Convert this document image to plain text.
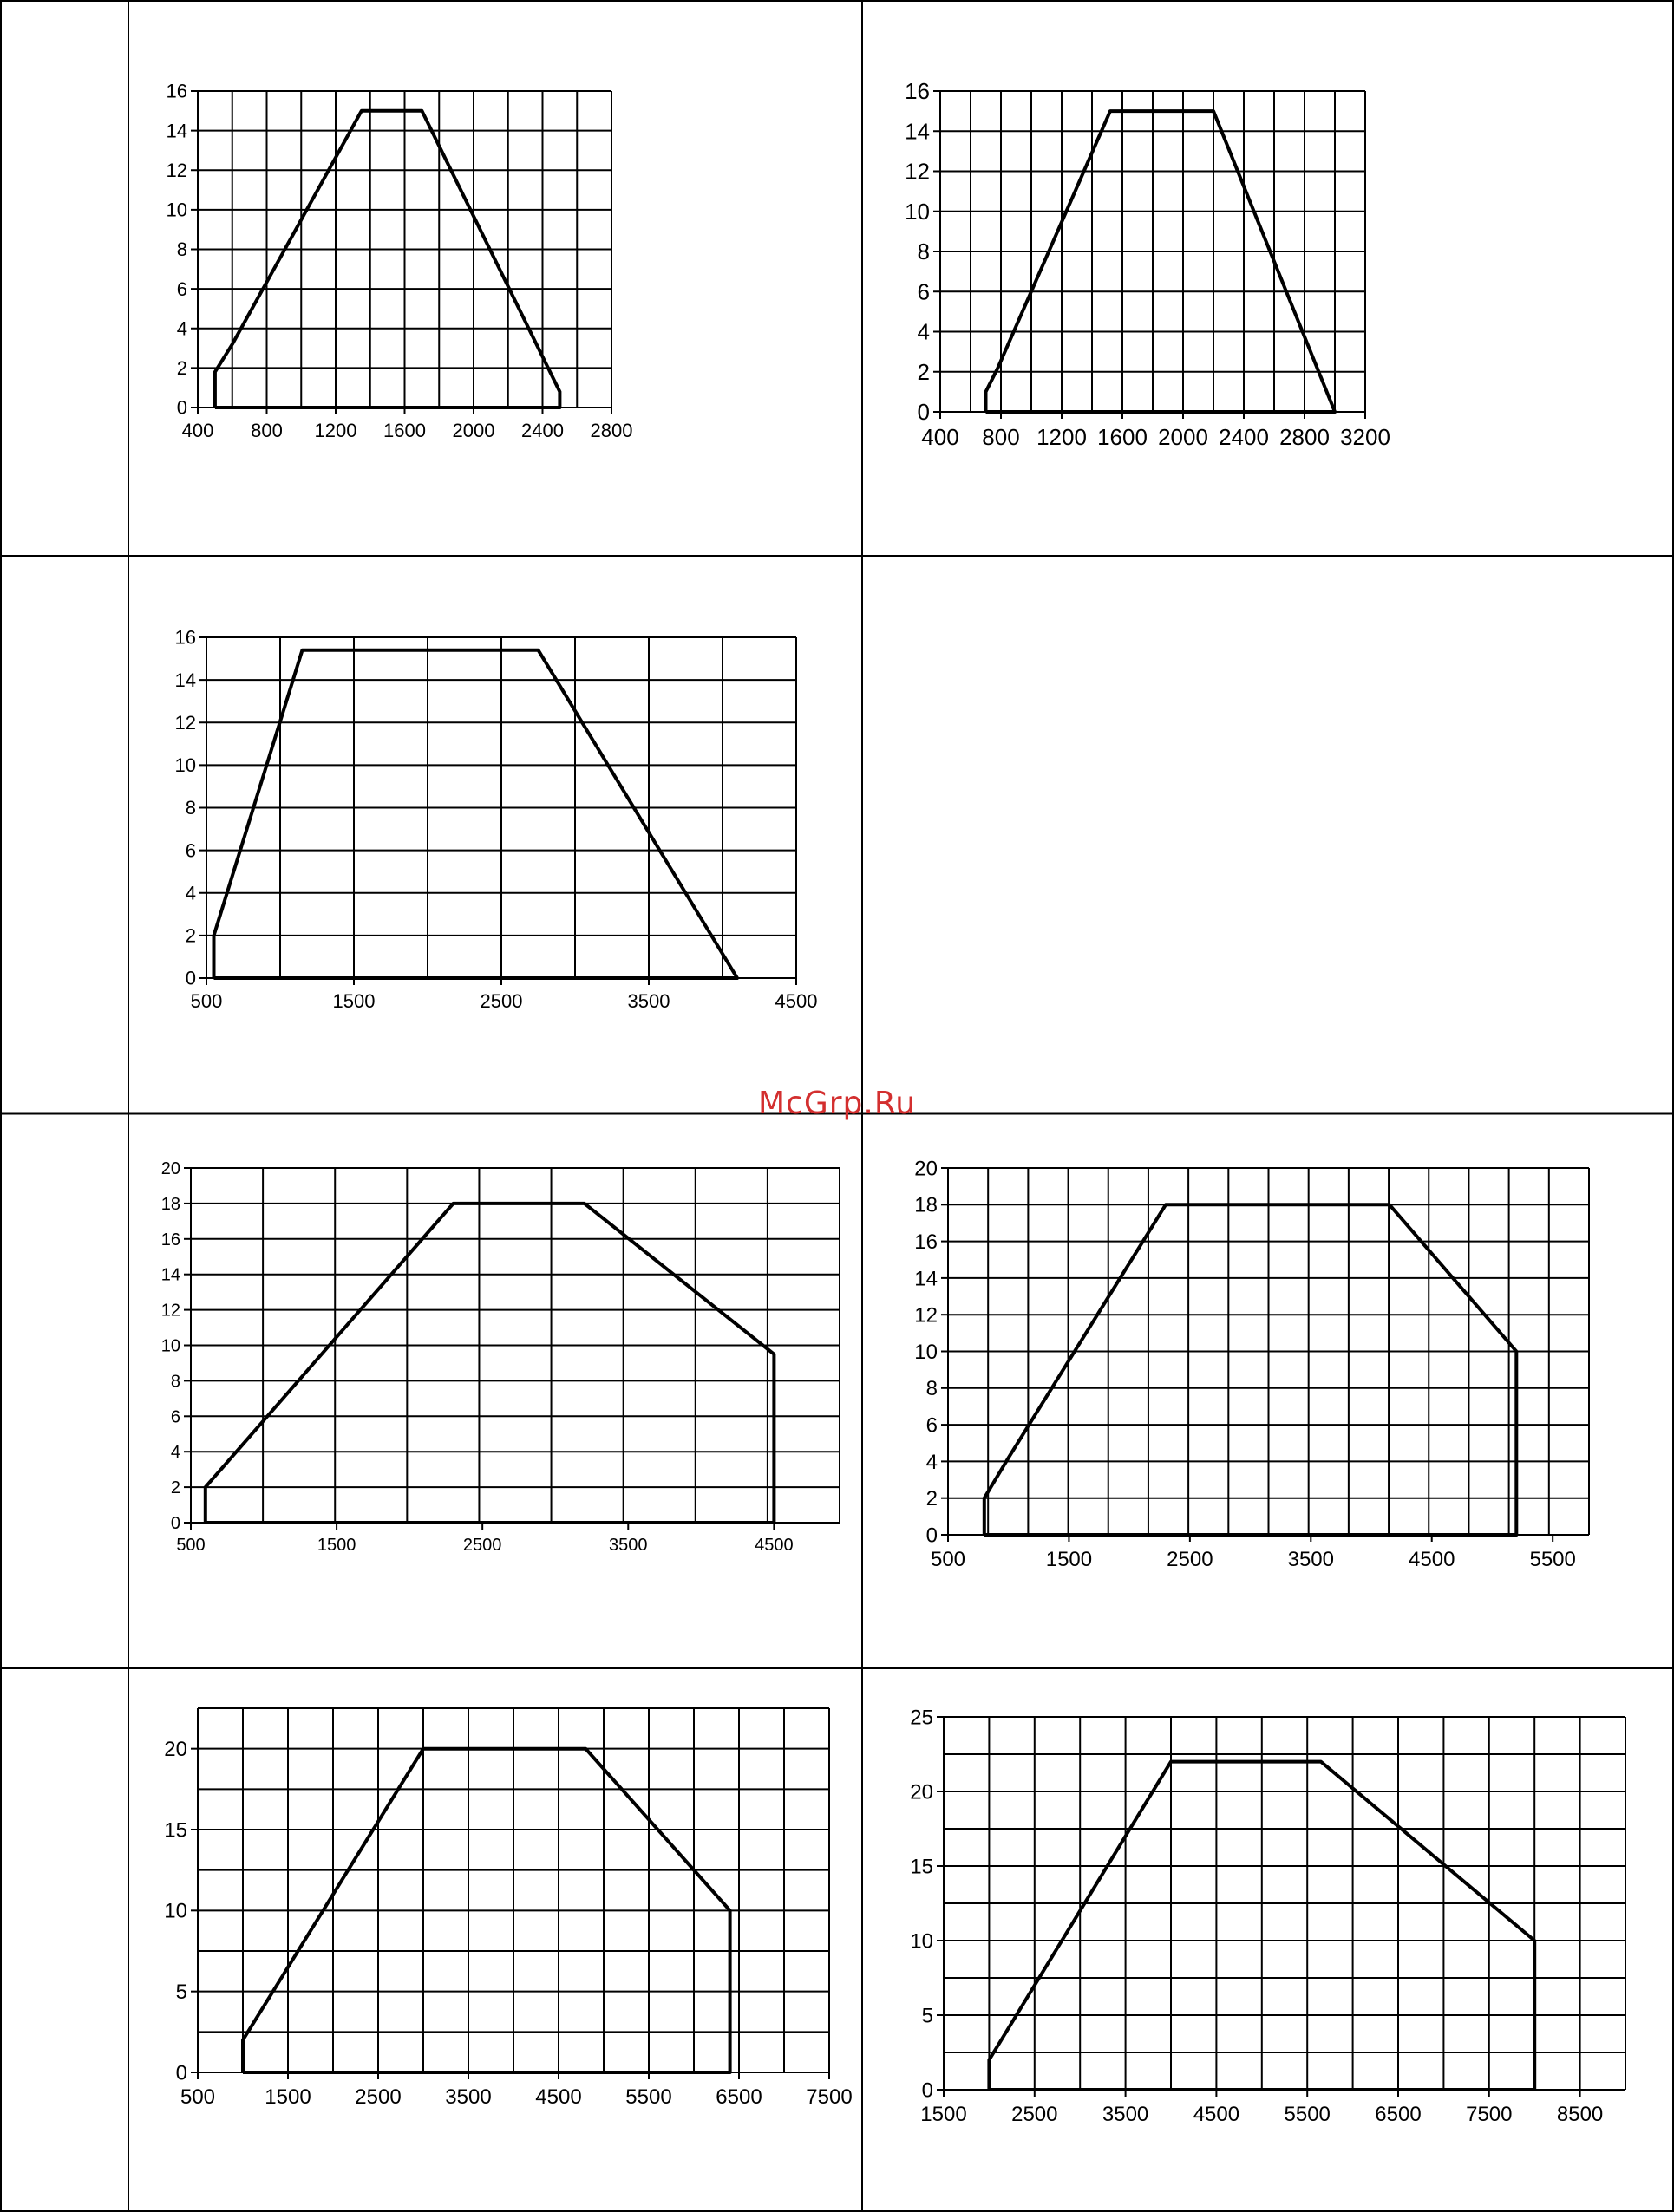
400 800 1200 1600 2000 2400 2800
0
2
4
6
8
10
12
14
16
400 800 1200 1600 2000 2400 2800 3200
0
2
4
6
8
10
12
14
16
500	1500	2500	3500	4500
0
2
4
6
8
10
12
14
16
500	1500	2500	3500	4500
0
2
4
6
8
10
12
14
16
18
20
500	1500	2500	3500	4500	5500
0
2
4
6
8
10
12
14
16
18
20
500 1500 2500 3500 4500 5500 6500 7500
0
5
10
15
20
1500 2500 3500 4500 5500 6500 7500 8500
0
5
10
15
20
25
McGrp.Ru
